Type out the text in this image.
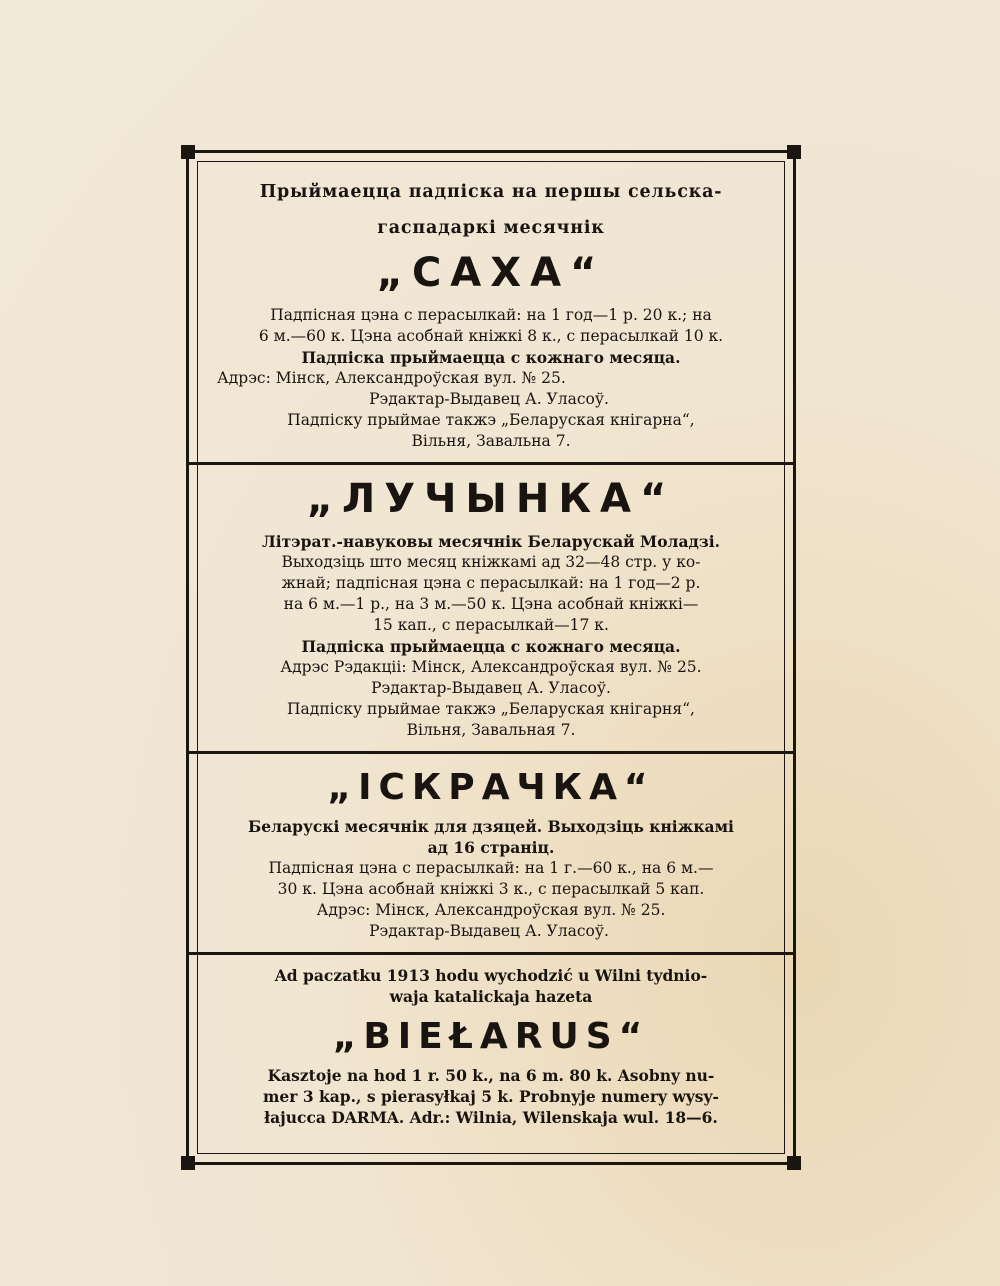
Прыймаецца падпіска на першы сельска-
гаспадаркі месячнік
„САХА“
Падпісная цэна с перасылкай: на 1 год—1 р. 20 к.; на
6 м.—60 к. Цэна асобнай кніжкі 8 к., с перасылкай 10 к.
Падпіска прыймаецца с кожнаго месяца.
Адрэс: Мінск, Александроўская вул. № 25.
Рэдактар-Выдавец А. Уласоў.
Падпіску прыймае такжэ „Беларуская кнігарна“,
Вільня, Завальна 7.
„ЛУЧЫНКА“
Літэрат.-навуковы месячнік Беларускай Моладзі.
Выходзіць што месяц кніжкамі ад 32—48 стр. у ко-
жнай; падпісная цэна с перасылкай: на 1 год—2 р.
на 6 м.—1 р., на 3 м.—50 к. Цэна асобнай кніжкі—
15 кап., с перасылкай—17 к.
Падпіска прыймаецца с кожнаго месяца.
Адрэс Рэдакціі: Мінск, Александроўская вул. № 25.
Рэдактар-Выдавец А. Уласоў.
Падпіску прыймае такжэ „Беларуская кнігарня“,
Вільня, Завальная 7.
„ІСКРАЧКА“
Беларускі месячнік для дзяцей. Выходзіць кніжкамі
ад 16 страніц.
Падпісная цэна с перасылкай: на 1 г.—60 к., на 6 м.—
30 к. Цэна асобнай кніжкі 3 к., с перасылкай 5 кап.
Адрэс: Мінск, Александроўская вул. № 25.
Рэдактар-Выдавец А. Уласоў.
Ad paczatku 1913 hodu wychodzić u Wilni tydnio-
waja katalickaja hazeta
„BIEŁARUS“
Kasztoje na hod 1 r. 50 k., na 6 m. 80 k. Asobny nu-
mer 3 kap., s pierasyłkaj 5 k. Probnyje numery wysy-
łajucca DARMA. Adr.: Wilnia, Wilenskaja wul. 18—6.
